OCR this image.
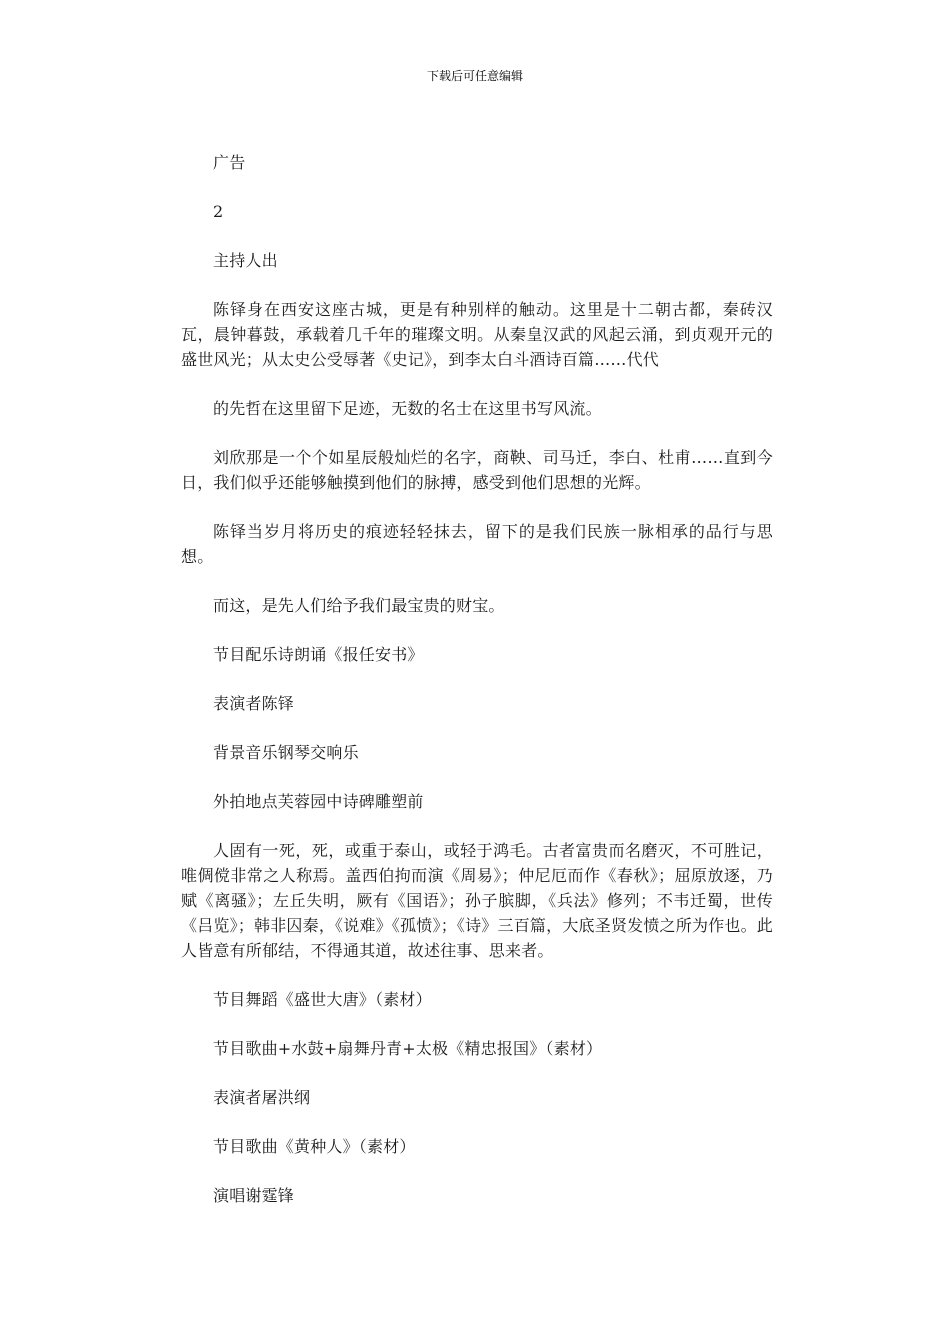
下载后可任意编辑

广告

2

主持人出

陈铎身在西安这座古城，更是有种别样的触动。这里是十二朝古都，秦砖汉瓦，晨钟暮鼓，承载着几千年的璀璨文明。从秦皇汉武的风起云涌，到贞观开元的盛世风光；从太史公受辱著《史记》，到李太白斗酒诗百篇……代代

的先哲在这里留下足迹，无数的名士在这里书写风流。

刘欣那是一个个如星辰般灿烂的名字，商鞅、司马迁，李白、杜甫……直到今日，我们似乎还能够触摸到他们的脉搏，感受到他们思想的光辉。

陈铎当岁月将历史的痕迹轻轻抹去，留下的是我们民族一脉相承的品行与思想。

而这，是先人们给予我们最宝贵的财宝。

节目配乐诗朗诵《报任安书》

表演者陈铎

背景音乐钢琴交响乐

外拍地点芙蓉园中诗碑雕塑前

人固有一死，死，或重于泰山，或轻于鸿毛。古者富贵而名磨灭，不可胜记，唯倜傥非常之人称焉。盖西伯拘而演《周易》；仲尼厄而作《春秋》；屈原放逐，乃赋《离骚》；左丘失明，厥有《国语》；孙子膑脚，《兵法》修列；不韦迁蜀，世传《吕览》；韩非囚秦，《说难》《孤愤》；《诗》三百篇，大底圣贤发愤之所为作也。此人皆意有所郁结，不得通其道，故述往事、思来者。

节目舞蹈《盛世大唐》（素材）

节目歌曲+水鼓+扇舞丹青+太极《精忠报国》（素材）

表演者屠洪纲

节目歌曲《黄种人》（素材）

演唱谢霆锋
